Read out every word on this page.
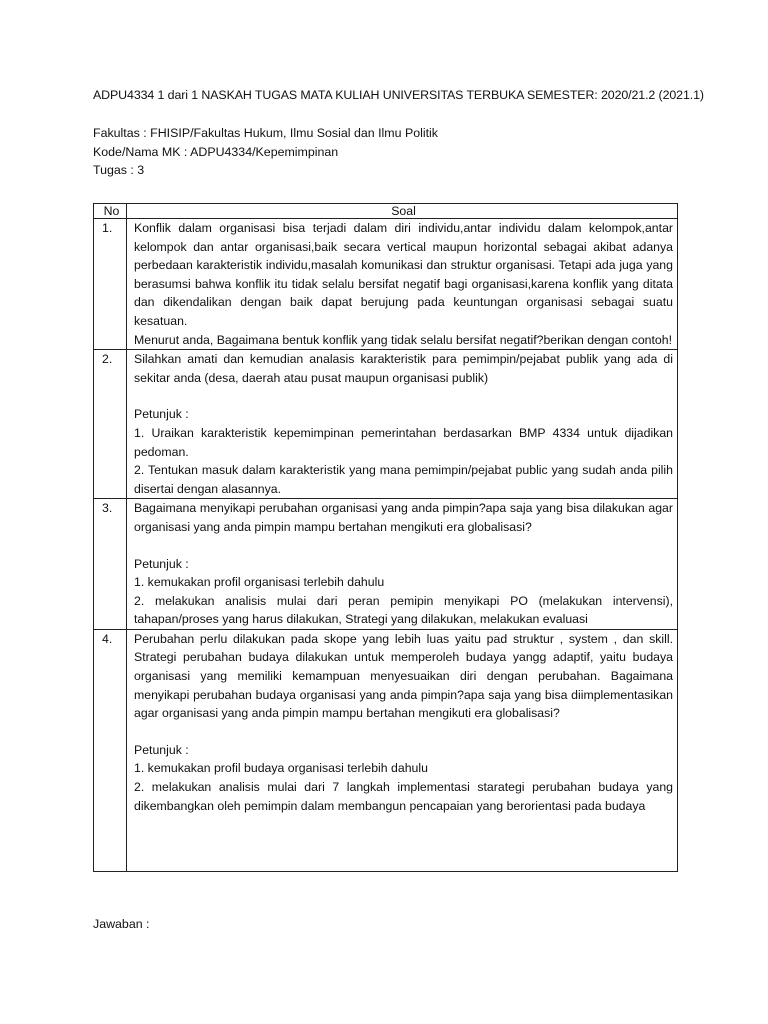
ADPU4334 1 dari 1 NASKAH TUGAS MATA KULIAH UNIVERSITAS TERBUKA SEMESTER: 2020/21.2 (2021.1)
Fakultas : FHISIP/Fakultas Hukum, Ilmu Sosial dan Ilmu Politik
Kode/Nama MK : ADPU4334/Kepemimpinan
Tugas : 3
No	Soal
1.	Konflik dalam organisasi bisa terjadi dalam diri individu,antar individu dalam kelompok,antar kelompok dan antar organisasi,baik secara vertical maupun horizontal sebagai akibat adanya perbedaan karakteristik individu,masalah komunikasi dan struktur organisasi. Tetapi ada juga yang berasumsi bahwa konflik itu tidak selalu bersifat negatif bagi organisasi,karena konflik yang ditata dan dikendalikan dengan baik dapat berujung pada keuntungan organisasi sebagai suatu kesatuan.

Menurut anda, Bagaimana bentuk konflik yang tidak selalu bersifat negatif?berikan dengan contoh!

2.	Silahkan amati dan kemudian analasis karakteristik para pemimpin/pejabat publik yang ada di sekitar anda (desa, daerah atau pusat maupun organisasi publik)

Petunjuk :

1. Uraikan karakteristik kepemimpinan pemerintahan berdasarkan BMP 4334 untuk dijadikan pedoman.

2. Tentukan masuk dalam karakteristik yang mana pemimpin/pejabat public yang sudah anda pilih disertai dengan alasannya.

3.	Bagaimana menyikapi perubahan organisasi yang anda pimpin?apa saja yang bisa dilakukan agar organisasi yang anda pimpin mampu bertahan mengikuti era globalisasi?

Petunjuk :

1. kemukakan profil organisasi terlebih dahulu

2. melakukan analisis mulai dari peran pemipin menyikapi PO (melakukan intervensi), tahapan/proses yang harus dilakukan, Strategi yang dilakukan, melakukan evaluasi

4.	Perubahan perlu dilakukan pada skope yang lebih luas yaitu pad struktur , system , dan skill. Strategi perubahan budaya dilakukan untuk memperoleh budaya yangg adaptif, yaitu budaya organisasi yang memiliki kemampuan menyesuaikan diri dengan perubahan. Bagaimana menyikapi perubahan budaya organisasi yang anda pimpin?apa saja yang bisa diimplementasikan agar organisasi yang anda pimpin mampu bertahan mengikuti era globalisasi?

Petunjuk :

1. kemukakan profil budaya organisasi terlebih dahulu

2. melakukan analisis mulai dari 7 langkah implementasi starategi perubahan budaya yang dikembangkan oleh pemimpin dalam membangun pencapaian yang berorientasi pada budaya

Jawaban :
